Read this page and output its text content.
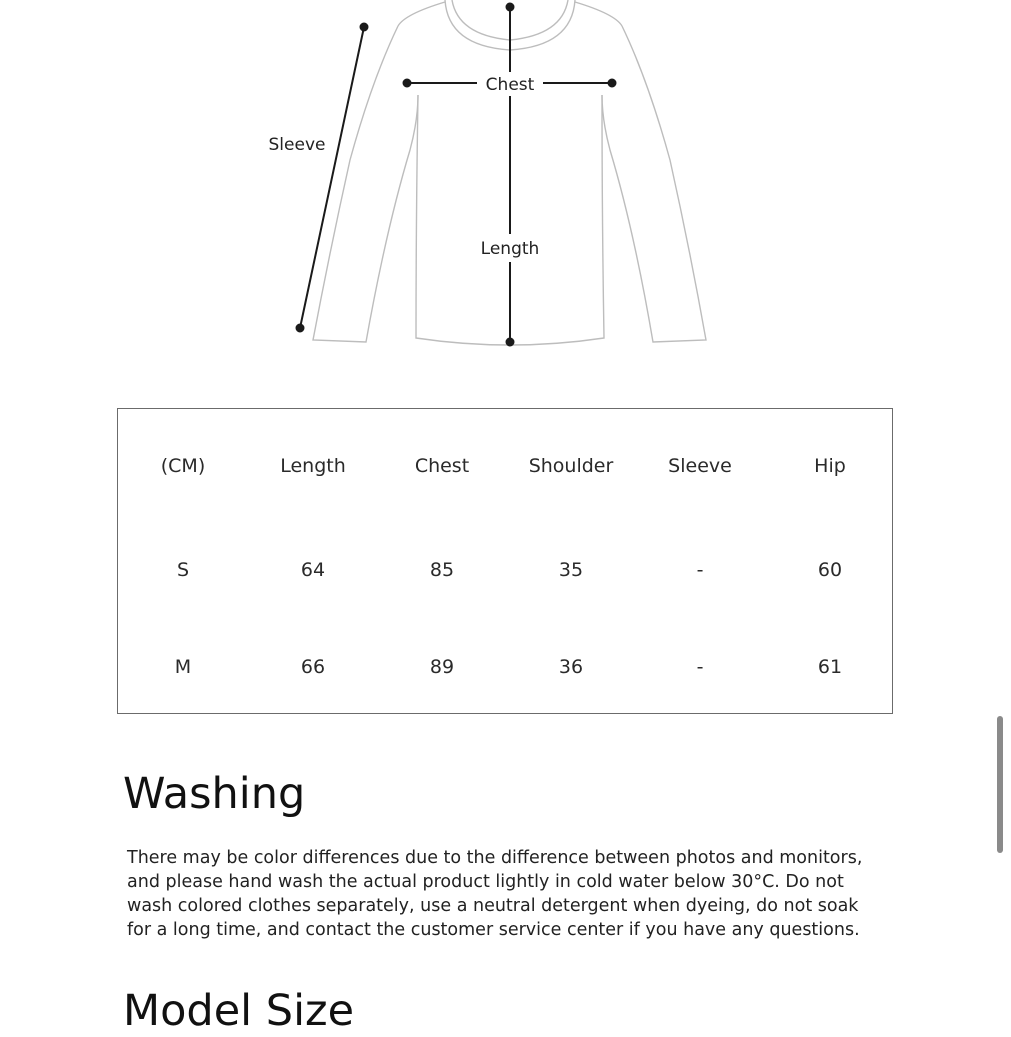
Chest
Sleeve
Length
(CM)	Length	Chest	Shoulder	Sleeve	Hip
S	64	85	35	-	60
M	66	89	36	-	61
Washing

There may be color differences due to the difference between photos and monitors, and please hand wash the actual product lightly in cold water below 30°C. Do not wash colored clothes separately, use a neutral detergent when dyeing, do not soak for a long time, and contact the customer service center if you have any questions.

Model Size
